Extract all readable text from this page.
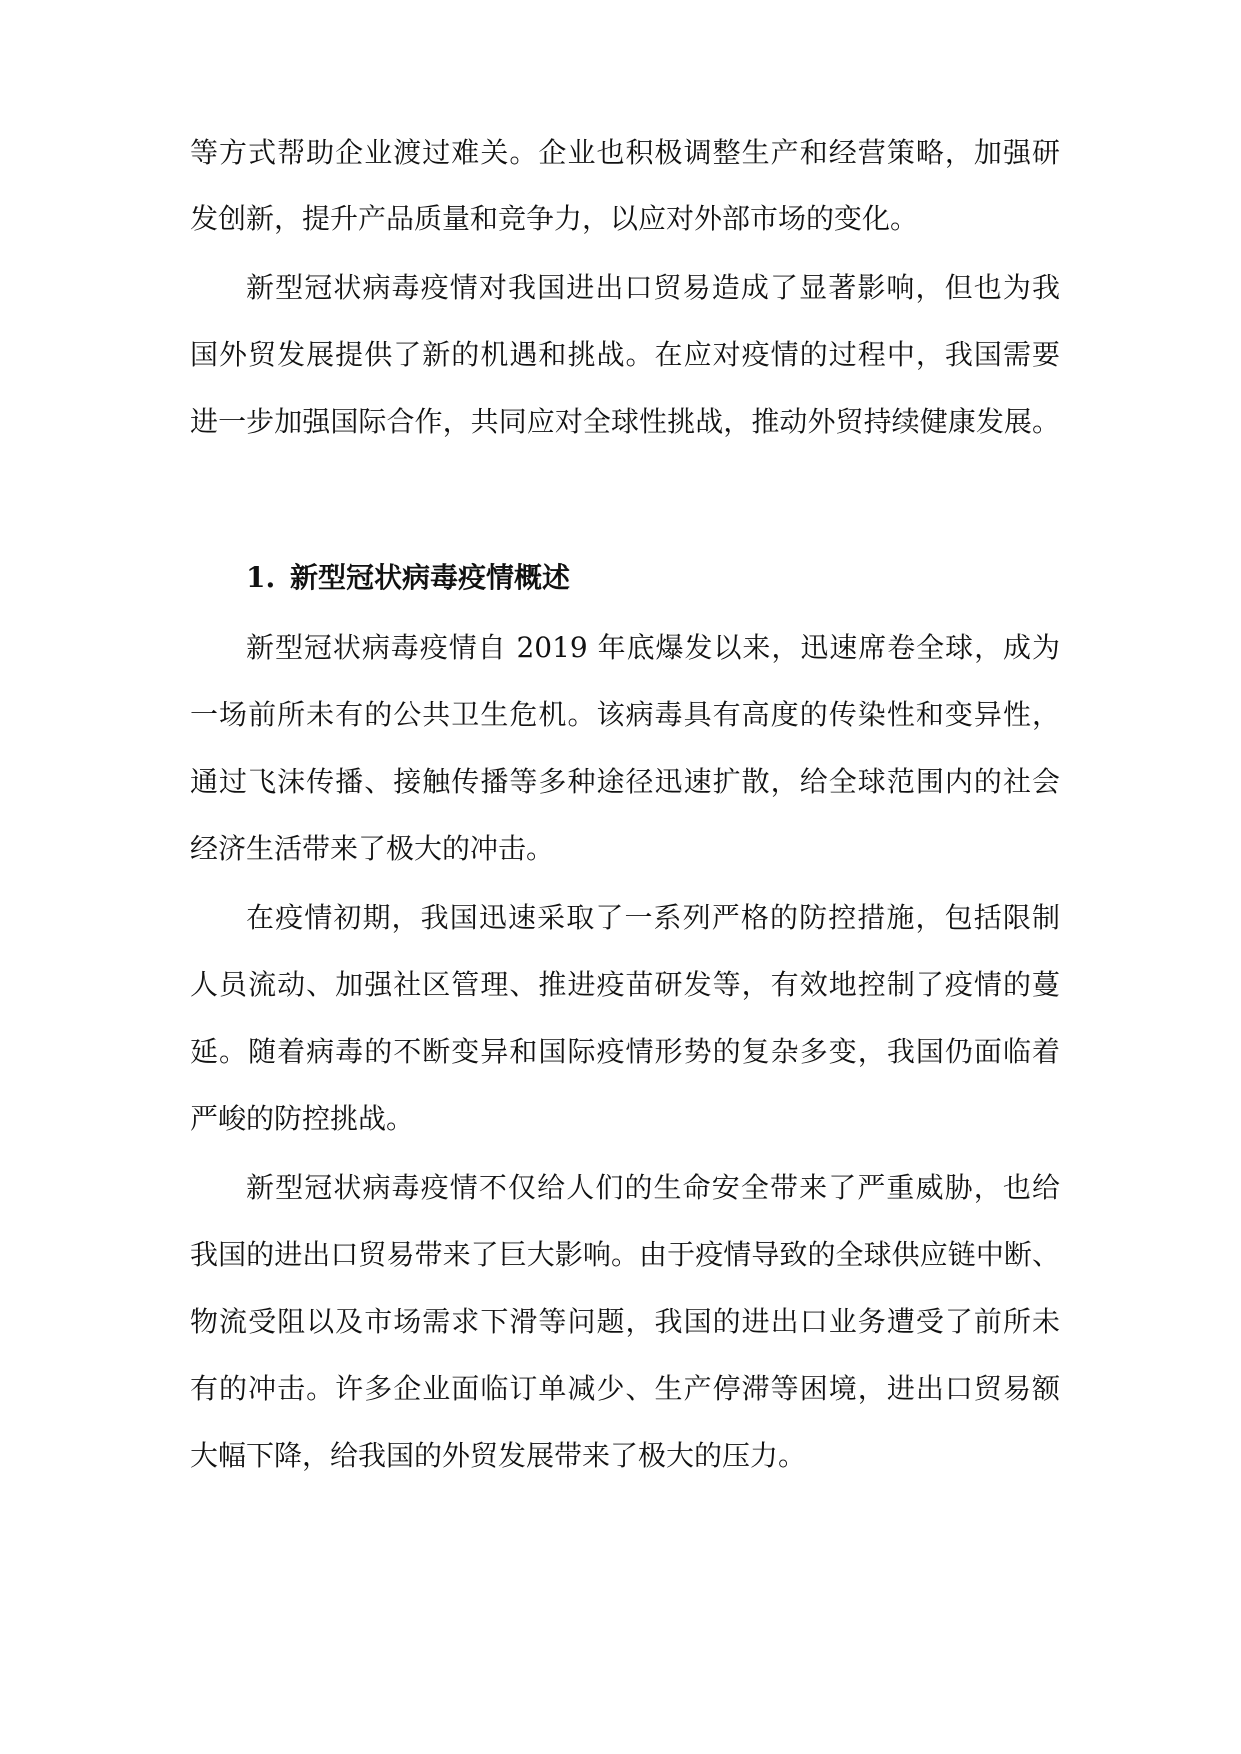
等方式帮助企业渡过难关。企业也积极调整生产和经营策略，加强研
发创新，提升产品质量和竞争力，以应对外部市场的变化。
新型冠状病毒疫情对我国进出口贸易造成了显著影响，但也为我
国外贸发展提供了新的机遇和挑战。在应对疫情的过程中，我国需要
进一步加强国际合作，共同应对全球性挑战，推动外贸持续健康发展。
1. 新型冠状病毒疫情概述
新型冠状病毒疫情自 2019 年底爆发以来，迅速席卷全球，成为
一场前所未有的公共卫生危机。该病毒具有高度的传染性和变异性，
通过飞沫传播、接触传播等多种途径迅速扩散，给全球范围内的社会
经济生活带来了极大的冲击。
在疫情初期，我国迅速采取了一系列严格的防控措施，包括限制
人员流动、加强社区管理、推进疫苗研发等，有效地控制了疫情的蔓
延。随着病毒的不断变异和国际疫情形势的复杂多变，我国仍面临着
严峻的防控挑战。
新型冠状病毒疫情不仅给人们的生命安全带来了严重威胁，也给
我国的进出口贸易带来了巨大影响。由于疫情导致的全球供应链中断、
物流受阻以及市场需求下滑等问题，我国的进出口业务遭受了前所未
有的冲击。许多企业面临订单减少、生产停滞等困境，进出口贸易额
大幅下降，给我国的外贸发展带来了极大的压力。
